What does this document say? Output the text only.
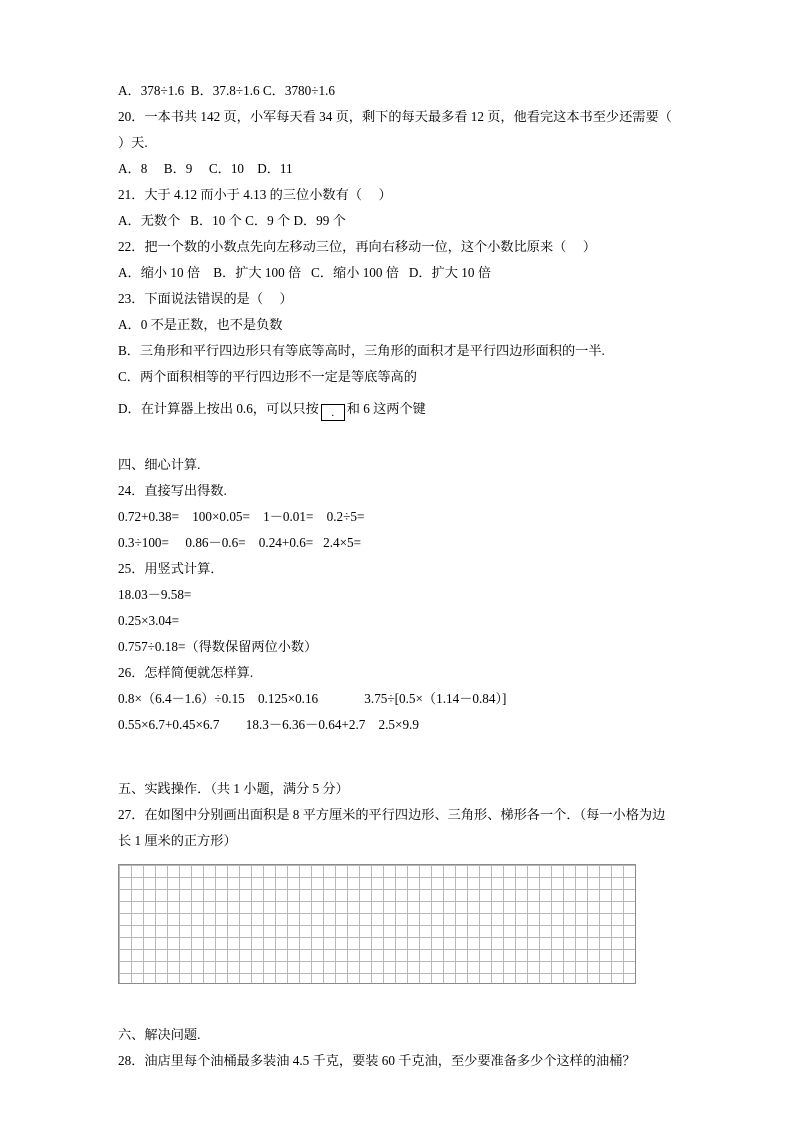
A．378÷1.6  B．37.8÷1.6 C．3780÷1.6
20．一本书共 142 页，小军每天看 34 页，剩下的每天最多看 12 页，他看完这本书至少还需要（    ）天.
A．8     B．9     C．10    D．11
21．大于 4.12 而小于 4.13 的三位小数有（     ）
A．无数个   B．10 个 C．9 个 D．99 个
22．把一个数的小数点先向左移动三位，再向右移动一位，这个小数比原来（     ）
A．缩小 10 倍    B．扩大 100 倍   C．缩小 100 倍   D．扩大 10 倍
23．下面说法错误的是（     ）
A．0 不是正数，也不是负数
B．三角形和平行四边形只有等底等高时，三角形的面积才是平行四边形面积的一半.
C．两个面积相等的平行四边形不一定是等底等高的
D．在计算器上按出 0.6，可以只按 . 和 6 这两个键
四、细心计算.
24．直接写出得数.
0.72+0.38=    100×0.05=    1－0.01=    0.2÷5=
0.3÷100=     0.86－0.6=    0.24+0.6=   2.4×5=
25．用竖式计算．
18.03－9.58=
0.25×3.04=
0.757÷0.18=（得数保留两位小数）
26．怎样简便就怎样算.
0.8×（6.4－1.6）÷0.15    0.125×0.16              3.75÷[0.5×（1.14－0.84）]
0.55×6.7+0.45×6.7        18.3－6.36－0.64+2.7    2.5×9.9
五、实践操作．（共 1 小题，满分 5 分）
27．在如图中分别画出面积是 8 平方厘米的平行四边形、三角形、梯形各一个．（每一小格为边长 1 厘米的正方形）
六、解决问题.
28．油店里每个油桶最多装油 4.5 千克，要装 60 千克油，至少要准备多少个这样的油桶？
